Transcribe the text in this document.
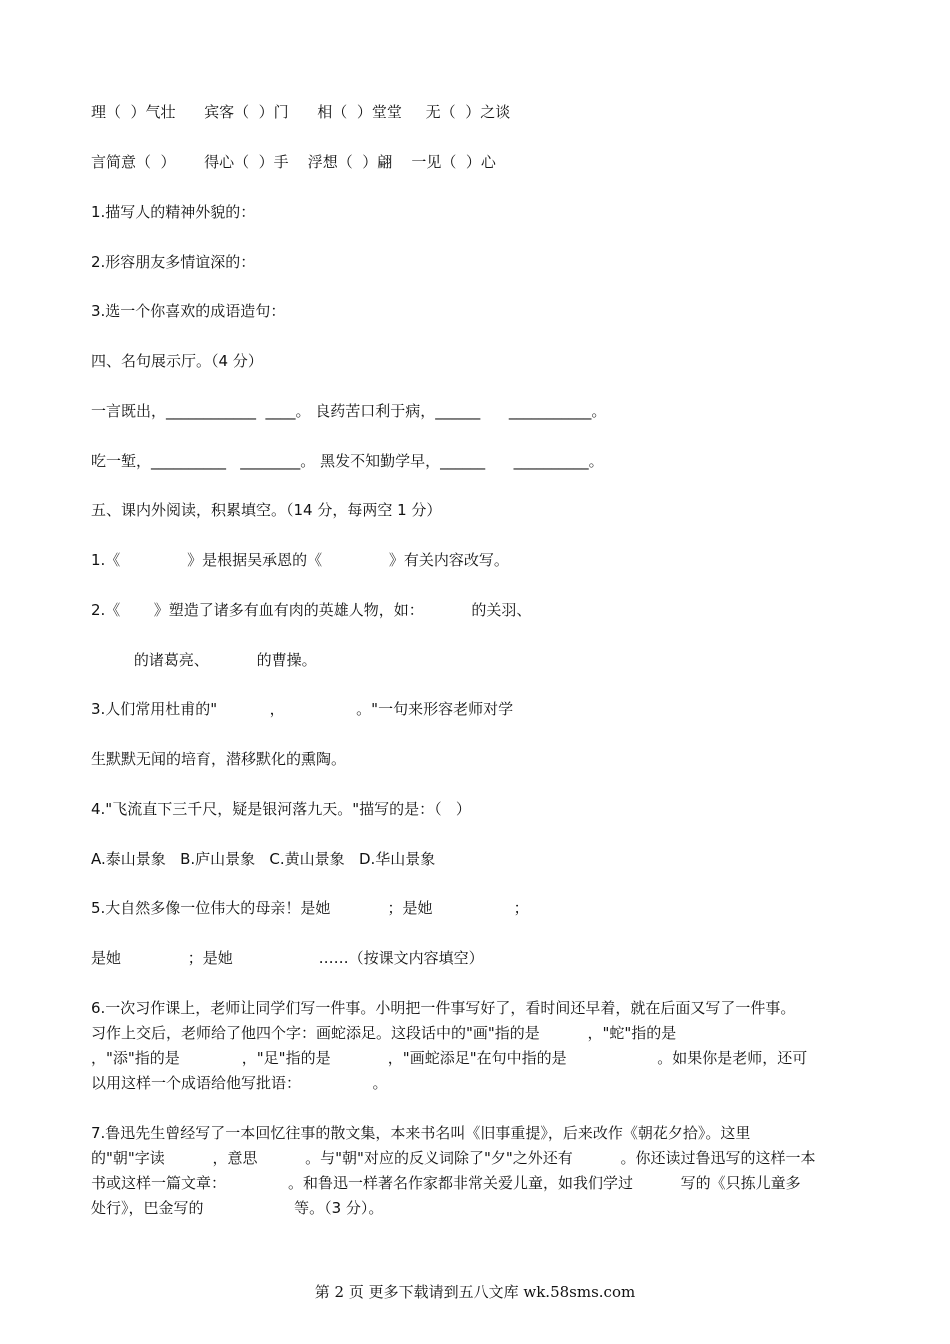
理（  ）气壮      宾客（  ）门      相（  ）堂堂     无（  ）之谈
言简意（  ）      得心（  ）手    浮想（  ）翩    一见（  ）心
1.描写人的精神外貌的：
2.形容朋友多情谊深的：
3.选一个你喜欢的成语造句：
四、名句展示厅。（4 分）
一言既出，____________  ____。 良药苦口利于病，______      ___________。
吃一堑，__________   ________。 黑发不知勤学早，______      __________。
五、课内外阅读，积累填空。（14 分，每两空 1 分）
1.《              》是根据吴承恩的《              》有关内容改写。
2.《       》塑造了诸多有血有肉的英雄人物，如：          的关羽、
的诸葛亮、          的曹操。
3.人们常用杜甫的"           ，               。"一句来形容老师对学
生默默无闻的培育，潜移默化的熏陶。
4."飞流直下三千尺，疑是银河落九天。"描写的是：（   ）
A.泰山景象   B.庐山景象   C.黄山景象   D.华山景象
5.大自然多像一位伟大的母亲！是她            ；是她                 ；
是她              ；是她                  ……（按课文内容填空）
6.一次习作课上，老师让同学们写一件事。小明把一件事写好了，看时间还早着，就在后面又写了一件事。
习作上交后，老师给了他四个字：画蛇添足。这段话中的"画"指的是          ，"蛇"指的是
，"添"指的是             ，"足"指的是            ，"画蛇添足"在句中指的是                   。如果你是老师，还可
以用这样一个成语给他写批语：               。
7.鲁迅先生曾经写了一本回忆往事的散文集，本来书名叫《旧事重提》，后来改作《朝花夕拾》。这里
的"朝"字读          ，意思          。与"朝"对应的反义词除了"夕"之外还有          。你还读过鲁迅写的这样一本
书或这样一篇文章：             。和鲁迅一样著名作家都非常关爱儿童，如我们学过          写的《只拣儿童多
处行》，巴金写的                   等。（3 分）。
第 2 页 更多下载请到五八文库 wk.58sms.com
